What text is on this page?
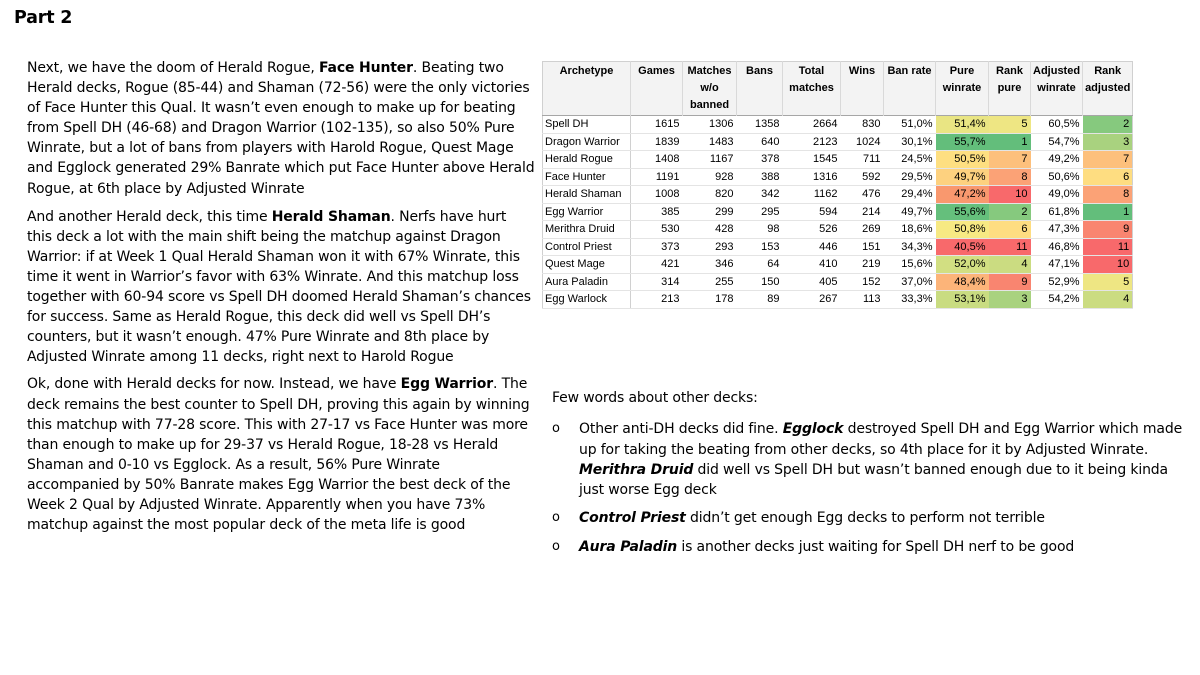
Part 2

Next, we have the doom of Herald Rogue, Face Hunter. Beating two Herald decks, Rogue (85-44) and Shaman (72-56) were the only victories of Face Hunter this Qual. It wasn’t even enough to make up for beating from Spell DH (46-68) and Dragon Warrior (102-135), so also 50% Pure Winrate, but a lot of bans from players with Harold Rogue, Quest Mage and Egglock generated 29% Banrate which put Face Hunter above Herald Rogue, at 6th place by Adjusted Winrate

And another Herald deck, this time Herald Shaman. Nerfs have hurt this deck a lot with the main shift being the matchup against Dragon Warrior: if at Week 1 Qual Herald Shaman won it with 67% Winrate, this time it went in Warrior’s favor with 63% Winrate. And this matchup loss together with 60-94 score vs Spell DH doomed Herald Shaman’s chances for success. Same as Herald Rogue, this deck did well vs Spell DH’s counters, but it wasn’t enough. 47% Pure Winrate and 8th place by Adjusted Winrate among 11 decks, right next to Harold Rogue

Ok, done with Herald decks for now. Instead, we have Egg Warrior. The deck remains the best counter to Spell DH, proving this again by winning this matchup with 77-28 score. This with 27-17 vs Face Hunter was more than enough to make up for 29-37 vs Herald Rogue, 18-28 vs Herald Shaman and 0-10 vs Egglock. As a result, 56% Pure Winrate accompanied by 50% Banrate makes Egg Warrior the best deck of the Week 2 Qual by Adjusted Winrate. Apparently when you have 73% matchup against the most popular deck of the meta life is good

Archetype	Games	Matches w/o banned	Bans	Total matches	Wins	Ban rate	Pure winrate	Rank pure	Adjusted winrate	Rank adjusted
Spell DH	1615	1306	1358	2664	830	51,0%	51,4%	5	60,5%	2
Dragon Warrior	1839	1483	640	2123	1024	30,1%	55,7%	1	54,7%	3
Herald Rogue	1408	1167	378	1545	711	24,5%	50,5%	7	49,2%	7
Face Hunter	1191	928	388	1316	592	29,5%	49,7%	8	50,6%	6
Herald Shaman	1008	820	342	1162	476	29,4%	47,2%	10	49,0%	8
Egg Warrior	385	299	295	594	214	49,7%	55,6%	2	61,8%	1
Merithra Druid	530	428	98	526	269	18,6%	50,8%	6	47,3%	9
Control Priest	373	293	153	446	151	34,3%	40,5%	11	46,8%	11
Quest Mage	421	346	64	410	219	15,6%	52,0%	4	47,1%	10
Aura Paladin	314	255	150	405	152	37,0%	48,4%	9	52,9%	5
Egg Warlock	213	178	89	267	113	33,3%	53,1%	3	54,2%	4

Few words about other decks:

o	Other anti-DH decks did fine. Egglock destroyed Spell DH and Egg Warrior which made up for taking the beating from other decks, so 4th place for it by Adjusted Winrate. Merithra Druid did well vs Spell DH but wasn’t banned enough due to it being kinda just worse Egg deck
o	Control Priest didn’t get enough Egg decks to perform not terrible
o	Aura Paladin is another decks just waiting for Spell DH nerf to be good
